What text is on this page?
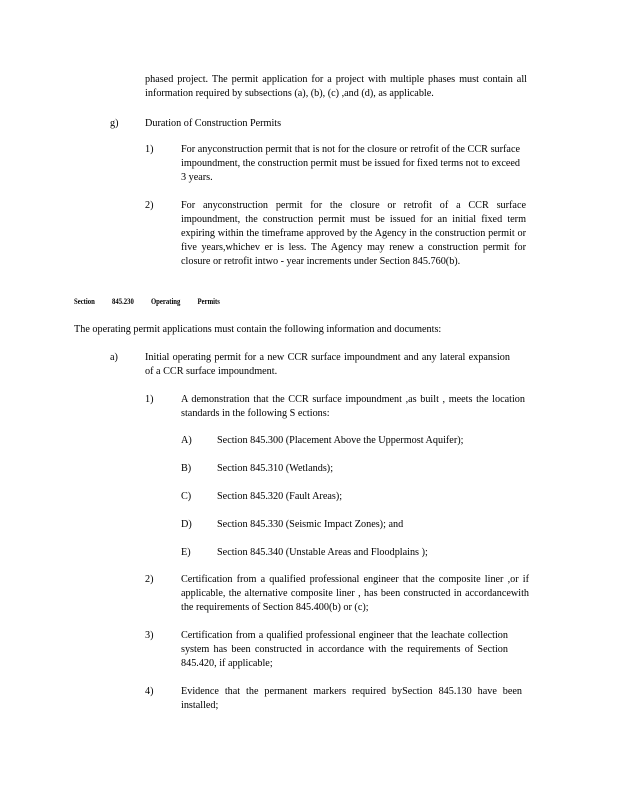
phased project. The permit application for a project with multiple phases must contain all information required by subsections (a), (b), (c) ,and (d), as applicable.
g)	Duration of Construction Permits
1)	For anyconstruction permit that is not for the closure or retrofit of the CCR surface impoundment, the construction permit must be issued for fixed terms not to exceed 3 years.
2)	For anyconstruction permit for the closure or retrofit of a CCR surface impoundment, the construction permit must be issued for an initial fixed term expiring within the timeframe approved by the Agency in the construction permit or five years,whichev er is less. The Agency may renew a construction permit for closure or retrofit intwo - year increments under Section 845.760(b).
Section 845.230 Operating Permits
The operating permit applications must contain the following information and documents:
a)	Initial operating permit for a new CCR surface impoundment and any lateral expansion of a CCR surface impoundment.
1)	A demonstration that the CCR surface impoundment ,as built , meets the location standards in the following S ections:
A) Section 845.300 (Placement Above the Uppermost Aquifer);
B)	Section 845.310 (Wetlands);
C)	Section 845.320 (Fault Areas);
D) Section 845.330 (Seismic Impact Zones); and
E)	Section 845.340 (Unstable Areas and Floodplains );
2)	Certification from a qualified professional engineer that the composite liner ,or if applicable, the alternative composite liner , has been constructed in accordancewith the requirements of Section 845.400(b) or (c);
3)	Certification from a qualified professional engineer that the leachate collection system has been constructed in accordance with the requirements of Section 845.420, if applicable;
4)	Evidence that the permanent markers required bySection 845.130 have been installed;
